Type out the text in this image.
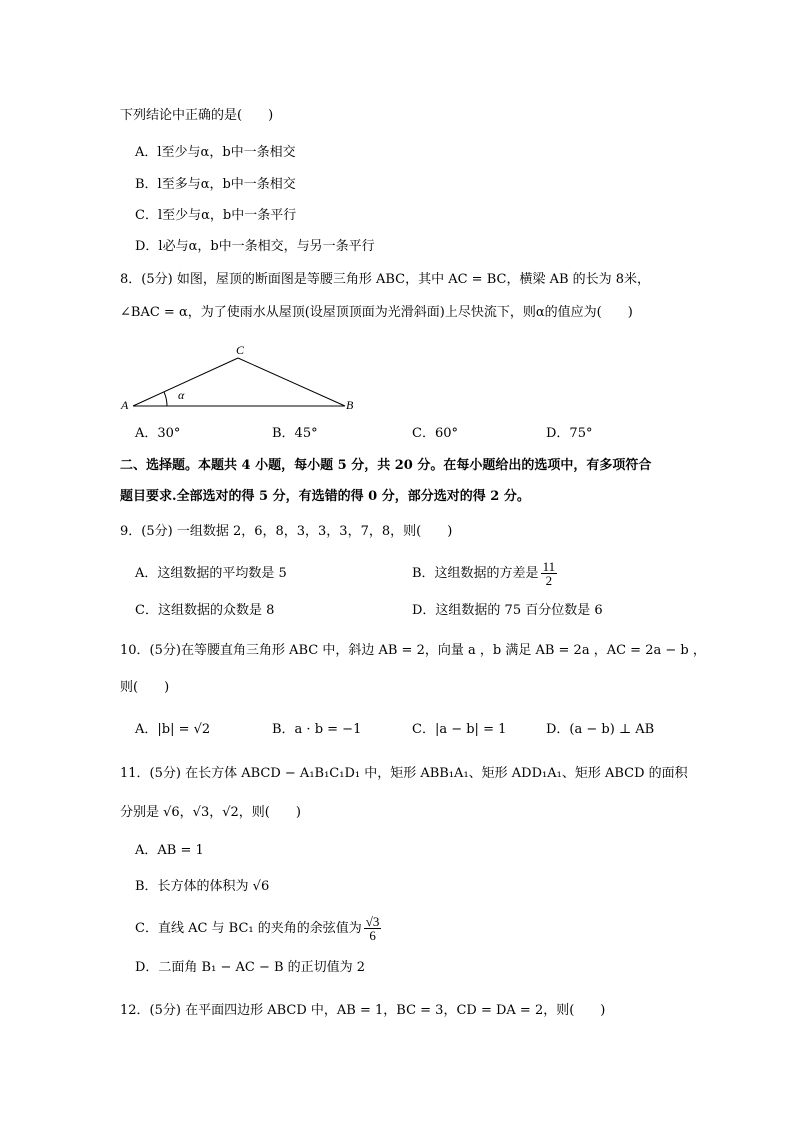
下列结论中正确的是(　　)
A．l至少与α，b中一条相交
B．l至多与α，b中一条相交
C．l至少与α，b中一条平行
D．l必与α，b中一条相交，与另一条平行
8．(5分) 如图，屋顶的断面图是等腰三角形 ABC，其中 AC = BC，横梁 AB 的长为 8米，
∠BAC = α，为了使雨水从屋顶(设屋顶顶面为光滑斜面)上尽快流下，则α的值应为(　　)
A	B
C
α
A．30°	B．45°	C．60°	D．75°
二、选择题。本题共 4 小题，每小题 5 分，共 20 分。在每小题给出的选项中，有多项符合
题目要求.全部选对的得 5 分，有选错的得 0 分，部分选对的得 2 分。
9．(5分) 一组数据 2，6，8，3，3，3，7，8，则(　　)
A．这组数据的平均数是 5	B．这组数据的方差是 $\frac{11}{2}$
C．这组数据的众数是 8	D．这组数据的 75 百分位数是 6
10．(5分)在等腰直角三角形 ABC 中，斜边 AB = 2，向量 a ，b 满足 AB = 2a ，AC = 2a − b ，
则(　　)
A．|b| = √2	B．a · b = −1	C．|a − b| = 1	D．(a − b) ⊥ AB
11．(5分) 在长方体 ABCD − A₁B₁C₁D₁ 中，矩形 ABB₁A₁、矩形 ADD₁A₁、矩形 ABCD 的面积
分别是 √6，√3，√2，则(　　)
A．AB = 1
B．长方体的体积为 √6
C．直线 AC 与 BC₁ 的夹角的余弦值为 $\frac{√3}{6}$
D．二面角 B₁ − AC − B 的正切值为 2
12．(5分) 在平面四边形 ABCD 中，AB = 1，BC = 3，CD = DA = 2，则(　　)
